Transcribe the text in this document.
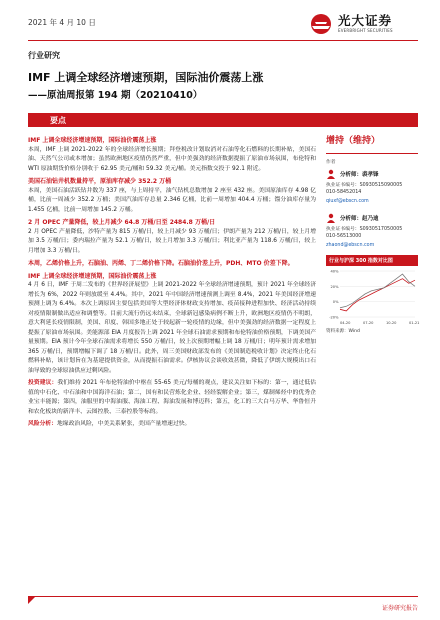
2021 年 4 月 10 日	光大证券
EVERBRIGHT SECURITIES
行业研究
IMF 上调全球经济增速预期，国际油价震荡上涨
——原油周报第 194 期（20210410）
要点
IMF 上调全球经济增速预期，国际油价震荡上涨
本周，IMF 上调 2021-2022 年的全球经济增长预期；拜登税改计划取消对石油等化石燃料的长期补贴，美国石油、天然气公司或本增加；虽然欧洲地区疫情仍然严重，但中美强劲的经济数据提振了原油市场氛围，布伦特和 WTI 原油期货价格分别收于 62.95 美元/桶和 59.32 美元/桶。美元指数交投于 92.1 附近。
美国石油钻井机数量持平，原油库存减少 352.2 万桶
本周，美国石油活跃钻井数为 337 座，与上周持平，油气钻机总数增加 2 座至 432 座。美国原油库存 4.98 亿桶，比前一周减少 352.2 万桶；美国汽油库存总量 2.346 亿桶，比前一周增加 404.4 万桶；馏分油库存量为 1.455 亿桶，比前一周增加 145.2 万桶。
2 月 OPEC 产量降低，较上月减少 64.8 万桶/日至 2484.8 万桶/日
2 月 OPEC 产量降低，沙特产量为 815 万桶/日，较上月减少 93 万桶/日；伊朗产量为 212 万桶/日，较上月增加 3.5 万桶/日；委内瑞拉产量为 52.1 万桶/日，较上月增加 3.3 万桶/日；利比亚产量为 118.6 万桶/日，较上月增加 3.3 万桶/日。
本周，乙烯价格上升，石脑油、丙烯、丁二烯价格下降。石脑油价差上升，PDH、MTO 价差下降。
IMF 上调全球经济增速预期，国际油价震荡上涨
4 月 6 日，IMF 于周二发布的《世界经济展望》上调 2021-2022 年全球经济增速预期，预计 2021 年全球经济增长为 6%，2022 年则放缓至 4.4%。其中，2021 年中国经济增速预测上调至 8.4%，2021 年美国经济增速预测上调为 6.4%。本次上调原因主要包括美国等大型经济体财政支持增加、疫苗接种进程加快、经济活动持续对疫情限制做出适应和调整等。目前大流行仍远未结束，全球新冠感染病例不断上升，欧洲地区疫情仍不明朗，意大利延长疫情限制，美国、印度、韩国多地正处于较起新一轮疫情的边缘，但中美强劲的经济数据一定程度上提振了原油市场氛围。美能源部 EIA 月度报告上调 2021 年全球石油需求预期和布伦特油价格预期，下调美国产量预期。EIA 预计今年全球石油需求将增长 550 万桶/日，较上次预期增幅上调 18 万桶/日；明年预计需求增加 365 万桶/日，预期增幅下调了 18 万桶/日。此外，周三美国财政部发布的《美国制造税收计划》决定终止化石燃料补贴，该计划旨在为基建提供资金，从而提振石油需求。伊核协议会谈收效甚微，降低了伊朗大规模出口石油导致的全球原油供应过剩风险。
投资建议：我们维持 2021 年布伦特油价中枢在 55-65 美元/每桶的观点，建议关注如下标的：第一，通过低估值的中石化、中石油和中国海洋石油；第二，国有和民营炼化企业、轻经裂解企业；第三，煤制烯烃中的优秀企业宝丰能源；第四，油服里的中海油服、海油工程、海油发展和博迈科；第五，化工的三大白马万华、华鲁恒升和农化板块的新洋丰、云图控股、三泰控股等标的。
风险分析：地缘政治风险，中美关系紧张，美国产量增速过快。
石油化工
增持（维持）
作者
分析师：裘孝锋
执业证书编号：S0930515090005
010-58452014
qiuxf@ebscn.com
分析师：赵乃迪
执业证书编号：S0930517050005
010-56513000
zhaond@ebscn.com
行业与沪深 300 指数对比图
40%
20%
0%
-20%
04-20	07-20	10-20	01-21
资料来源：Wind
证券研究报告
